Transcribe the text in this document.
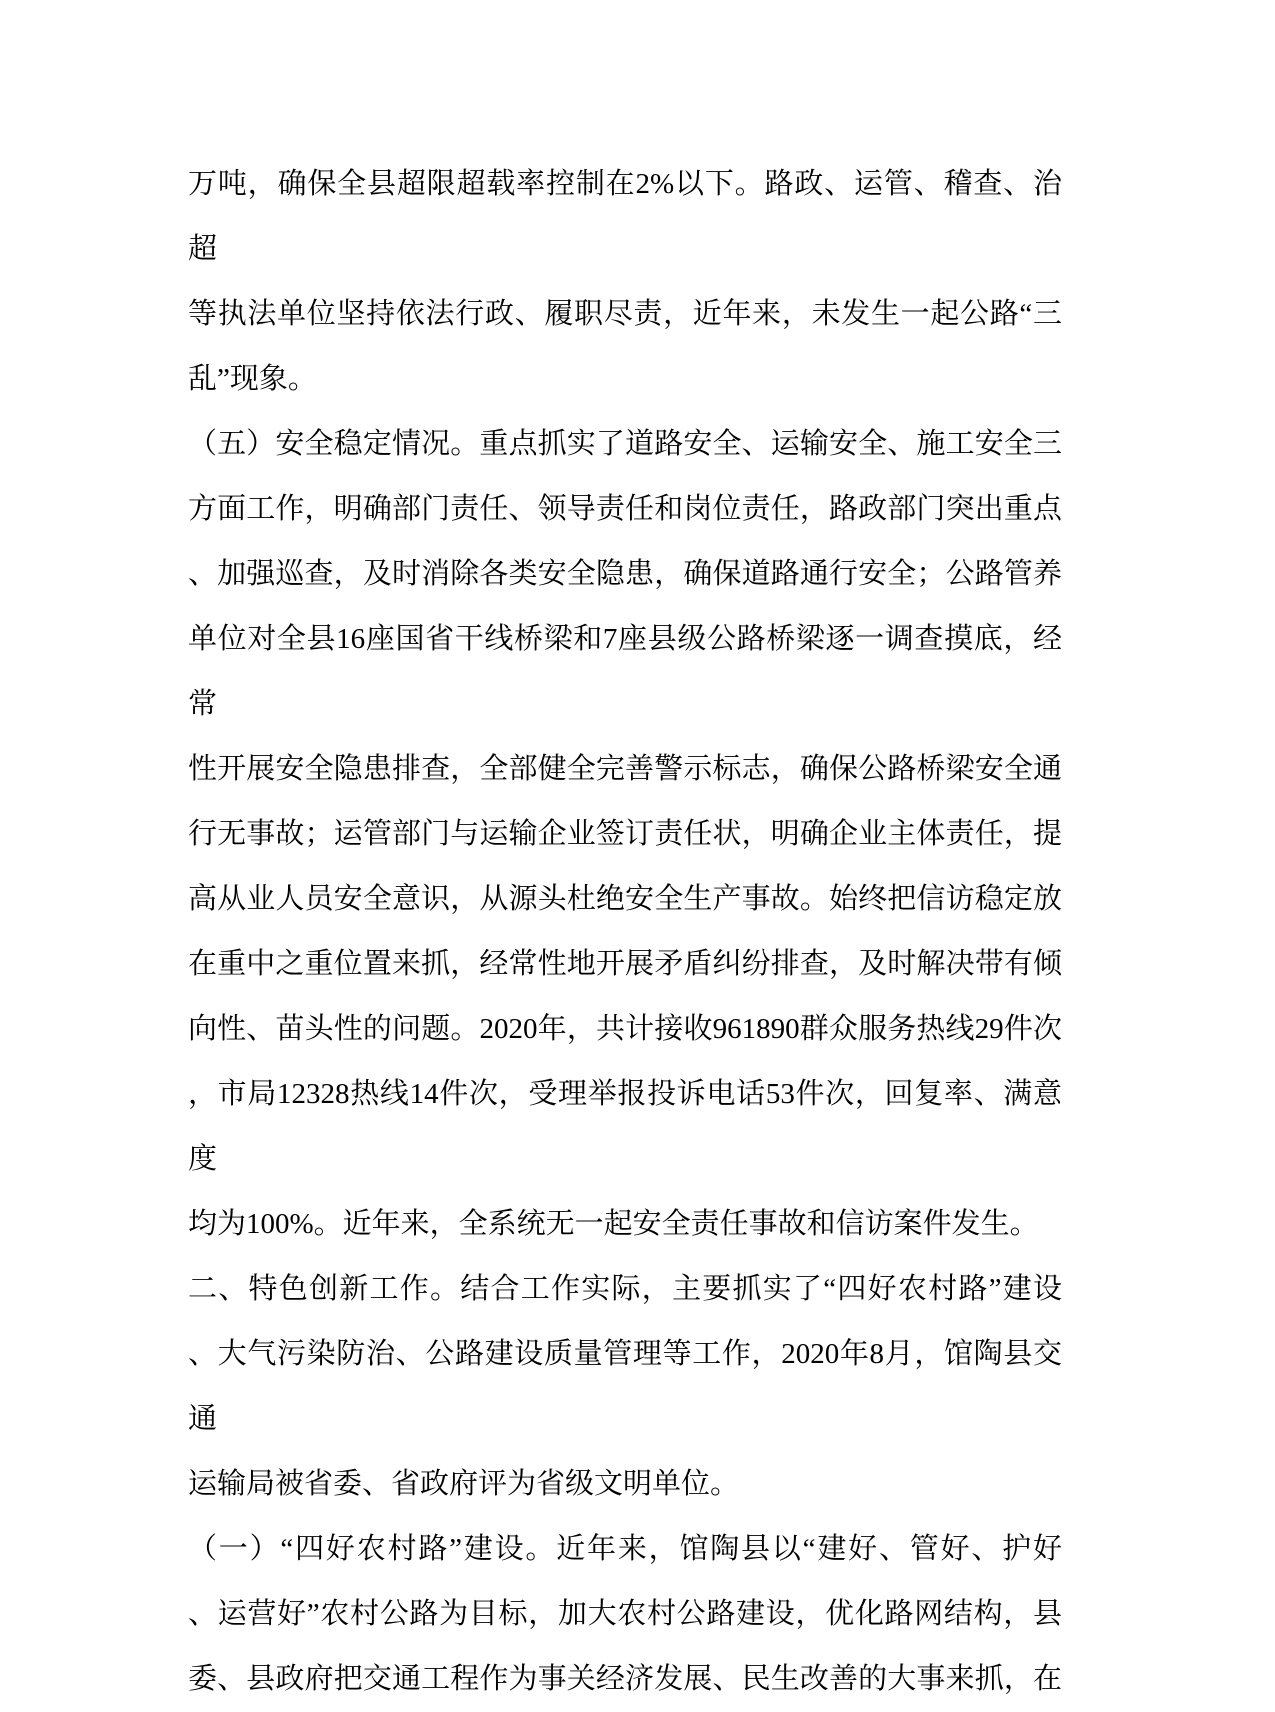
万吨，确保全县超限超载率控制在2%以下。路政、运管、稽查、治超
等执法单位坚持依法行政、履职尽责，近年来，未发生一起公路“三
乱”现象。
（五）安全稳定情况。重点抓实了道路安全、运输安全、施工安全三
方面工作，明确部门责任、领导责任和岗位责任，路政部门突出重点
、加强巡查，及时消除各类安全隐患，确保道路通行安全；公路管养
单位对全县16座国省干线桥梁和7座县级公路桥梁逐一调查摸底，经常
性开展安全隐患排查，全部健全完善警示标志，确保公路桥梁安全通
行无事故；运管部门与运输企业签订责任状，明确企业主体责任，提
高从业人员安全意识，从源头杜绝安全生产事故。始终把信访稳定放
在重中之重位置来抓，经常性地开展矛盾纠纷排查，及时解决带有倾
向性、苗头性的问题。2020年，共计接收961890群众服务热线29件次
，市局12328热线14件次，受理举报投诉电话53件次，回复率、满意度
均为100%。近年来，全系统无一起安全责任事故和信访案件发生。
二、特色创新工作。结合工作实际，主要抓实了“四好农村路”建设
、大气污染防治、公路建设质量管理等工作，2020年8月，馆陶县交通
运输局被省委、省政府评为省级文明单位。
（一）“四好农村路”建设。近年来，馆陶县以“建好、管好、护好
、运营好”农村公路为目标，加大农村公路建设，优化路网结构，县
委、县政府把交通工程作为事关经济发展、民生改善的大事来抓，在
